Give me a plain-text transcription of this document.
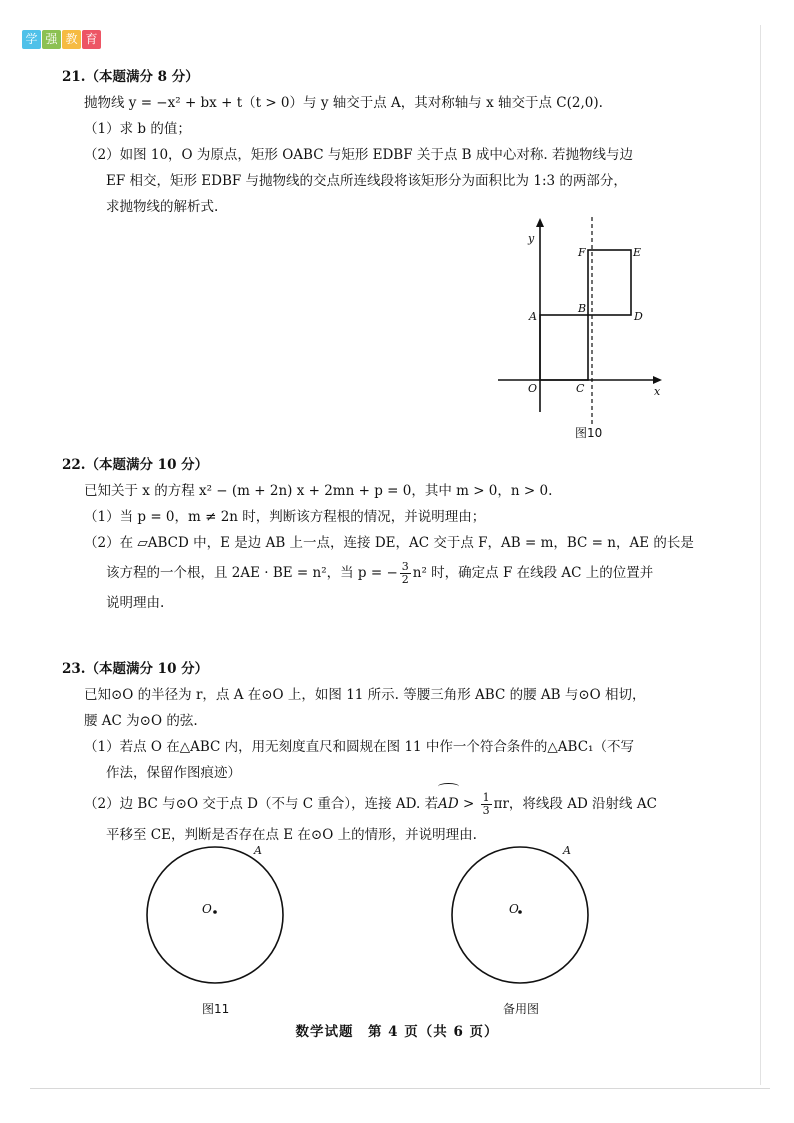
学 强 教 育
21.（本题满分 8 分）
抛物线 y = −x² + bx + t（t > 0）与 y 轴交于点 A，其对称轴与 x 轴交于点 C(2,0).
（1）求 b 的值；
（2）如图 10，O 为原点，矩形 OABC 与矩形 EDBF 关于点 B 成中心对称. 若抛物线与边
EF 相交，矩形 EDBF 与抛物线的交点所连线段将该矩形分为面积比为 1:3 的两部分，
求抛物线的解析式.
y
x
O	C
A
B
D
E
F
图10
22.（本题满分 10 分）
已知关于 x 的方程 x² − (m + 2n) x + 2mn + p = 0，其中 m > 0，n > 0.
（1）当 p = 0，m ≠ 2n 时，判断该方程根的情况，并说明理由；
（2）在 ▱ABCD 中，E 是边 AB 上一点，连接 DE，AC 交于点 F，AB = m，BC = n，AE 的长是
该方程的一个根，且 2AE · BE = n²，当 p = − $\frac{3}{2} n^2$ 时，确定点 F 在线段 AC 上的位置并
说明理由.
23.（本题满分 10 分）
已知⊙O 的半径为 r，点 A 在⊙O 上，如图 11 所示. 等腰三角形 ABC 的腰 AB 与⊙O 相切，
腰 AC 为⊙O 的弦.
（1）若点 O 在△ABC 内，用无刻度直尺和圆规在图 11 中作一个符合条件的△ABC₁（不写
作法，保留作图痕迹）
（2）边 BC 与⊙O 交于点 D（不与 C 重合），连接 AD. 若AD > $\frac{1}{3}$ πr，将线段 AD 沿射线 AC
平移至 CE，判断是否存在点 E 在⊙O 上的情形，并说明理由.
O
A
图11
O
A
备用图
数学试题　第 4 页（共 6 页）
